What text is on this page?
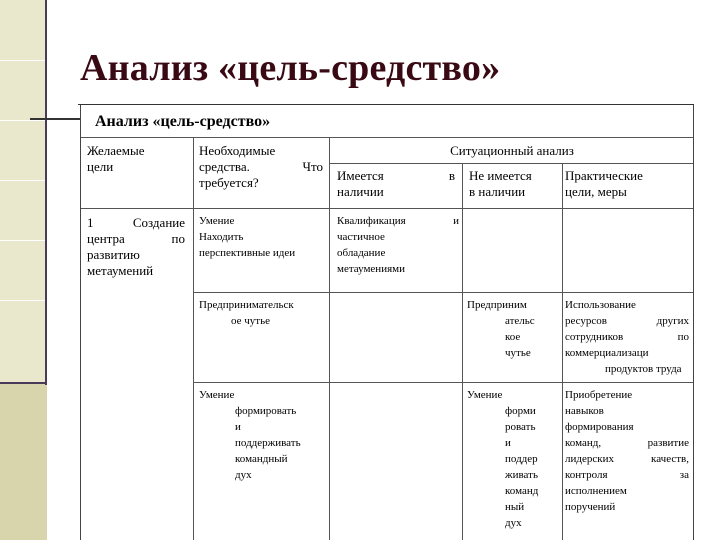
Анализ «цель-средство»
Анализ «цель-средство»
Желаемые
цели
Необходимые
средства. Что
требуется?
Ситуационный анализ
Имеется	в
наличии
Не имеется
в наличии
Практические
цели, меры
1 Создание
центра по
развитию
метаумений
Умение
Находить
перспективные идеи
Квалификация	и
частичное
обладание
метаумениями
Предпринимательск
ое чутье
Предприним
ательс
кое
чутье
Использование
ресурсов других
сотрудников по
коммерциализаци
продуктов труда
Умение
формировать
и
поддерживать
командный
дух
Умение
форми
ровать
и
поддер
живать
команд
ный
дух
Приобретение
навыков
формирования
команд, развитие
лидерских качеств,
контроля за
исполнением
поручений
